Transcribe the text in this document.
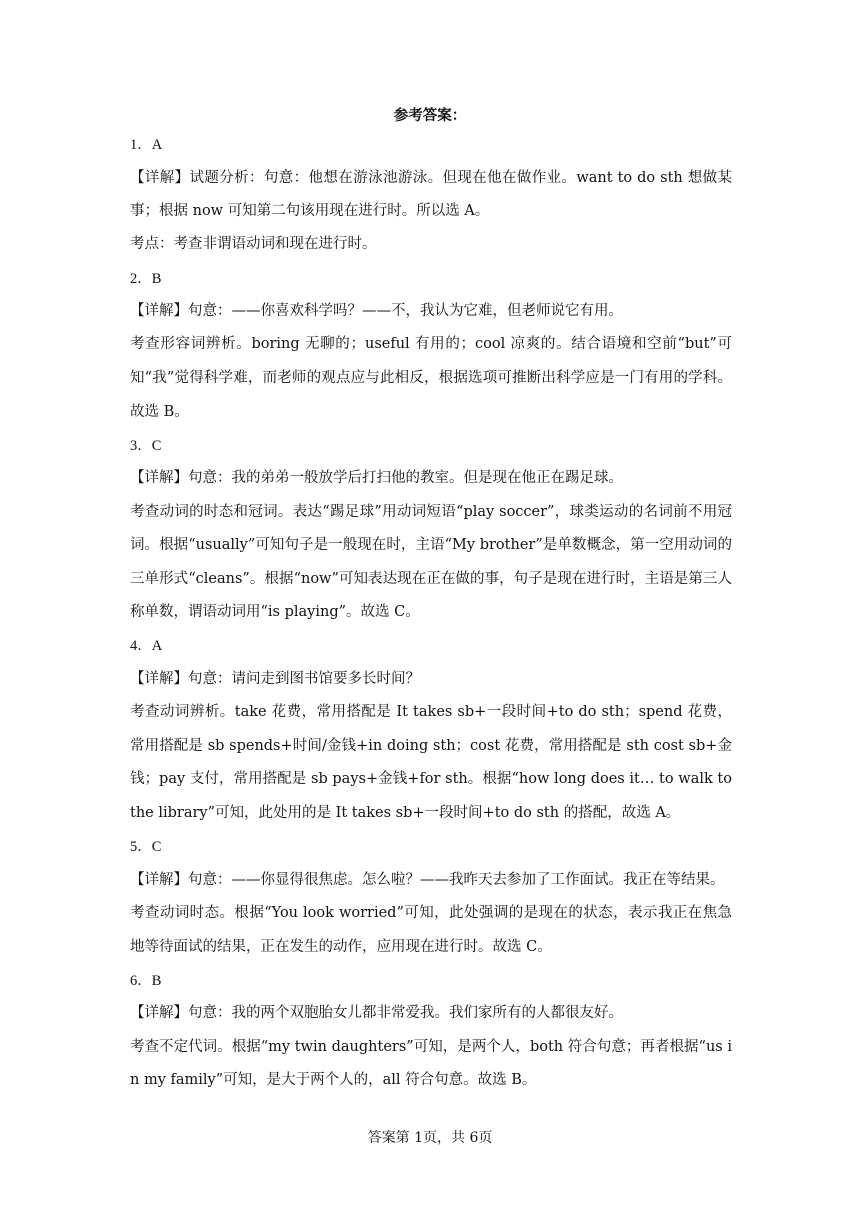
参考答案：

1．A

【详解】试题分析：句意：他想在游泳池游泳。但现在他在做作业。want to do sth 想做某事；根据 now 可知第二句该用现在进行时。所以选 A。

考点：考查非谓语动词和现在进行时。

2．B

【详解】句意：——你喜欢科学吗？——不，我认为它难，但老师说它有用。

考查形容词辨析。boring 无聊的；useful 有用的；cool 凉爽的。结合语境和空前“but”可知“我”觉得科学难，而老师的观点应与此相反，根据选项可推断出科学应是一门有用的学科。故选 B。

3．C

【详解】句意：我的弟弟一般放学后打扫他的教室。但是现在他正在踢足球。

考查动词的时态和冠词。表达“踢足球”用动词短语“play soccer”，球类运动的名词前不用冠词。根据“usually”可知句子是一般现在时，主语“My brother”是单数概念，第一空用动词的三单形式“cleans”。根据“now”可知表达现在正在做的事，句子是现在进行时，主语是第三人称单数，谓语动词用“is playing”。故选 C。

4．A

【详解】句意：请问走到图书馆要多长时间？

考查动词辨析。take 花费，常用搭配是 It takes sb+一段时间+to do sth；spend 花费，常用搭配是 sb spends+时间/金钱+in doing sth；cost 花费，常用搭配是 sth cost sb+金钱；pay 支付，常用搭配是 sb pays+金钱+for sth。根据“how long does it… to walk to the library”可知，此处用的是 It takes sb+一段时间+to do sth 的搭配，故选 A。

5．C

【详解】句意：——你显得很焦虑。怎么啦？——我昨天去参加了工作面试。我正在等结果。

考查动词时态。根据“You look worried”可知，此处强调的是现在的状态，表示我正在焦急地等待面试的结果，正在发生的动作，应用现在进行时。故选 C。

6．B

【详解】句意：我的两个双胞胎女儿都非常爱我。我们家所有的人都很友好。

考查不定代词。根据“my twin daughters”可知，是两个人，both 符合句意；再者根据“us in my family”可知，是大于两个人的，all 符合句意。故选 B。

答案第 1页，共 6页
